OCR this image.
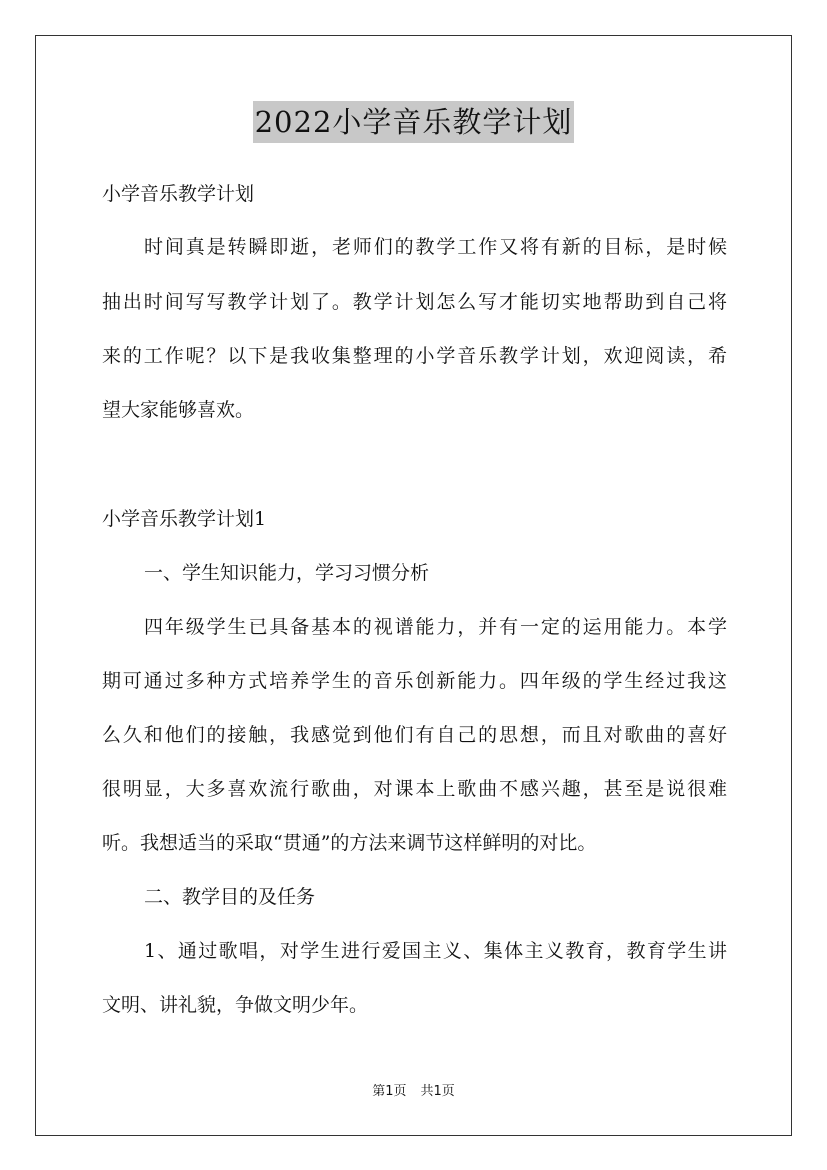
2022小学音乐教学计划
小学音乐教学计划
时间真是转瞬即逝，老师们的教学工作又将有新的目标，是时候
抽出时间写写教学计划了。教学计划怎么写才能切实地帮助到自己将
来的工作呢？以下是我收集整理的小学音乐教学计划，欢迎阅读，希
望大家能够喜欢。
小学音乐教学计划1
一、学生知识能力，学习习惯分析
四年级学生已具备基本的视谱能力，并有一定的运用能力。本学
期可通过多种方式培养学生的音乐创新能力。四年级的学生经过我这
么久和他们的接触，我感觉到他们有自己的思想，而且对歌曲的喜好
很明显，大多喜欢流行歌曲，对课本上歌曲不感兴趣，甚至是说很难
听。我想适当的采取“贯通”的方法来调节这样鲜明的对比。
二、教学目的及任务
1、通过歌唱，对学生进行爱国主义、集体主义教育，教育学生讲
文明、讲礼貌，争做文明少年。
第1页 共1页
